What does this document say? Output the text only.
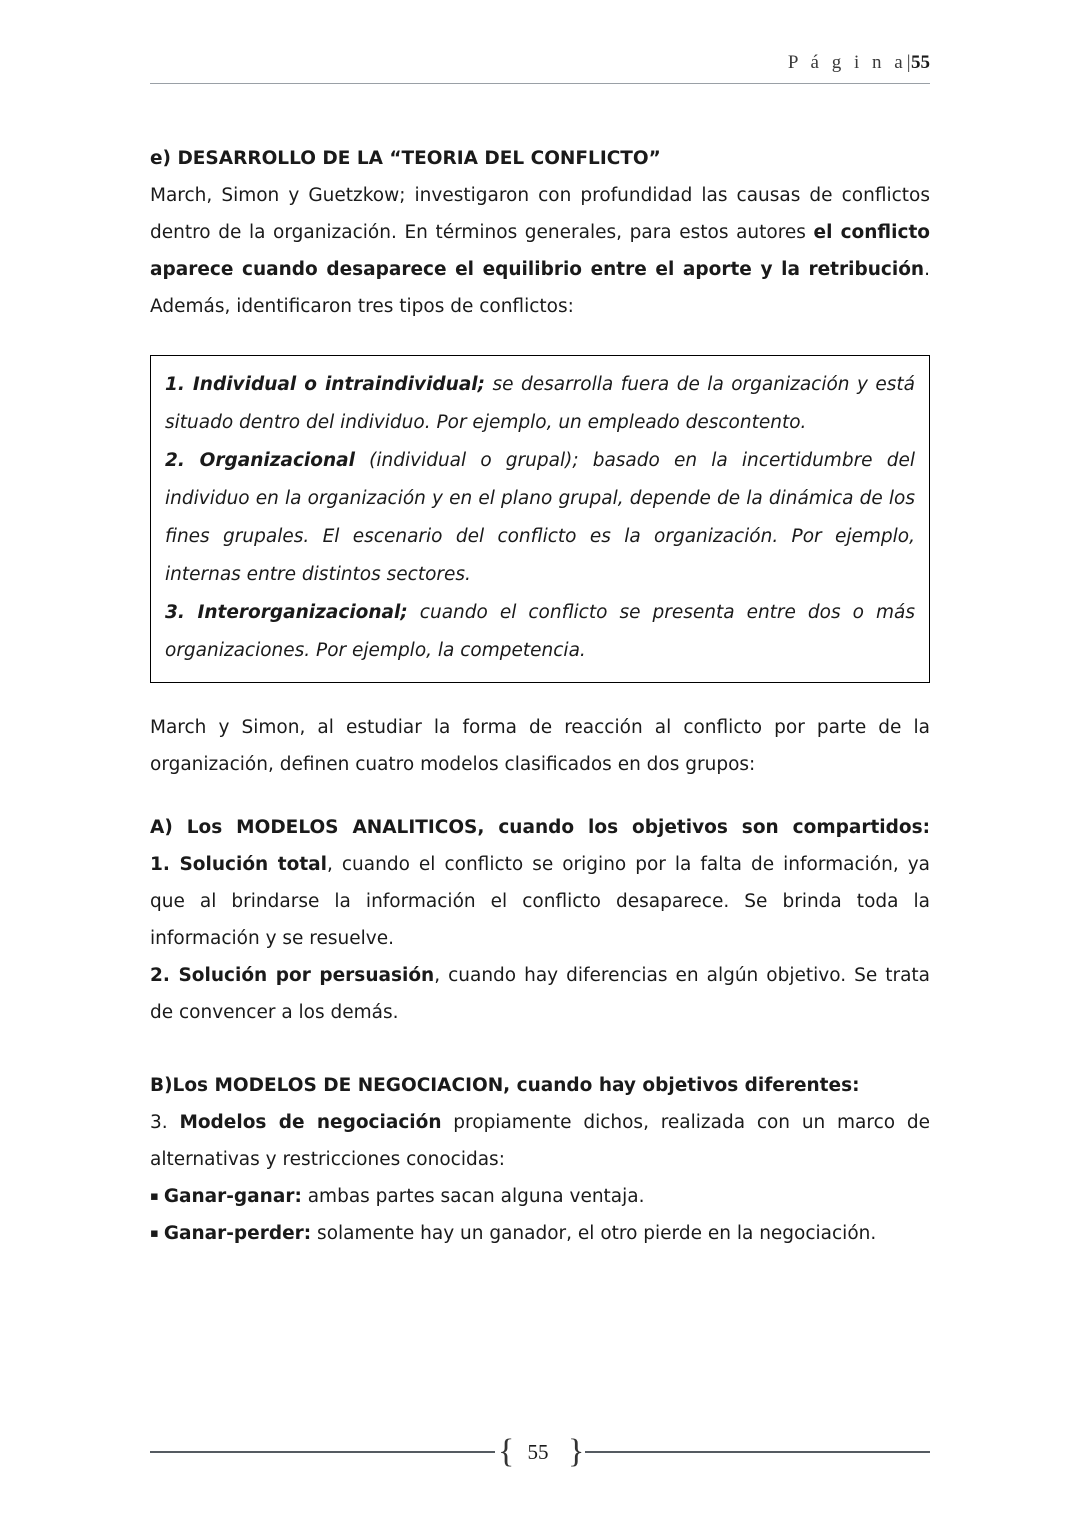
P á g i n a|55
e) DESARROLLO DE LA “TEORIA DEL CONFLICTO”
March, Simon y Guetzkow; investigaron con profundidad las causas de conflictos dentro de la organización. En términos generales, para estos autores el conflicto aparece cuando desaparece el equilibrio entre el aporte y la retribución. Además, identificaron tres tipos de conflictos:
1. Individual o intraindividual; se desarrolla fuera de la organización y está situado dentro del individuo. Por ejemplo, un empleado descontento.
2. Organizacional (individual o grupal); basado en la incertidumbre del individuo en la organización y en el plano grupal, depende de la dinámica de los fines grupales. El escenario del conflicto es la organización. Por ejemplo, internas entre distintos sectores.
3. Interorganizacional; cuando el conflicto se presenta entre dos o más organizaciones. Por ejemplo, la competencia.
March y Simon, al estudiar la forma de reacción al conflicto por parte de la organización, definen cuatro modelos clasificados en dos grupos:
A) Los MODELOS ANALITICOS, cuando los objetivos son compartidos:
1. Solución total, cuando el conflicto se origino por la falta de información, ya que al brindarse la información el conflicto desaparece. Se brinda toda la información y se resuelve.
2. Solución por persuasión, cuando hay diferencias en algún objetivo. Se trata de convencer a los demás.
B)Los MODELOS DE NEGOCIACION, cuando hay objetivos diferentes:
3. Modelos de negociación propiamente dichos, realizada con un marco de alternativas y restricciones conocidas:
▪ Ganar-ganar: ambas partes sacan alguna ventaja.
▪ Ganar-perder: solamente hay un ganador, el otro pierde en la negociación.
{ 55 }
